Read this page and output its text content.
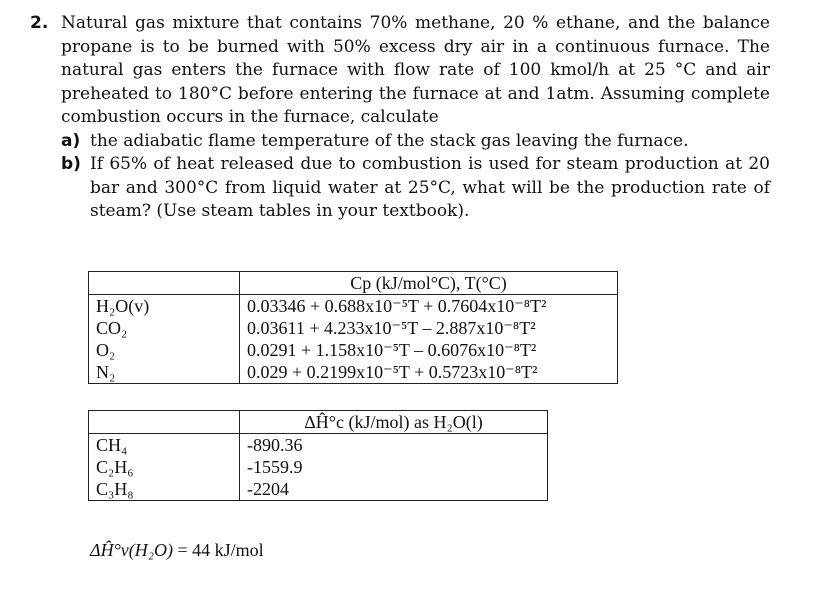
2. Natural gas mixture that contains 70% methane, 20 % ethane, and the balance propane is to be burned with 50% excess dry air in a continuous furnace. The natural gas enters the furnace with flow rate of 100 kmol/h at 25 °C and air preheated to 180°C before entering the furnace at and 1atm. Assuming complete combustion occurs in the furnace, calculate
a) the adiabatic flame temperature of the stack gas leaving the furnace.
b) If 65% of heat released due to combustion is used for steam production at 20 bar and 300°C from liquid water at 25°C, what will be the production rate of steam? (Use steam tables in your textbook).
	Cp (kJ/mol°C), T(°C)
H₂O(v)	0.03346 + 0.688x10⁻⁵T + 0.7604x10⁻⁸T²
CO₂	0.03611 + 4.233x10⁻⁵T – 2.887x10⁻⁸T²
O₂	0.0291 + 1.158x10⁻⁵T – 0.6076x10⁻⁸T²
N₂	0.029 + 0.2199x10⁻⁵T + 0.5723x10⁻⁸T²
	ΔĤ°c (kJ/mol) as H₂O(l)
CH₄	-890.36
C₂H₆	-1559.9
C₃H₈	-2204
ΔĤ°v(H₂O) = 44 kJ/mol
